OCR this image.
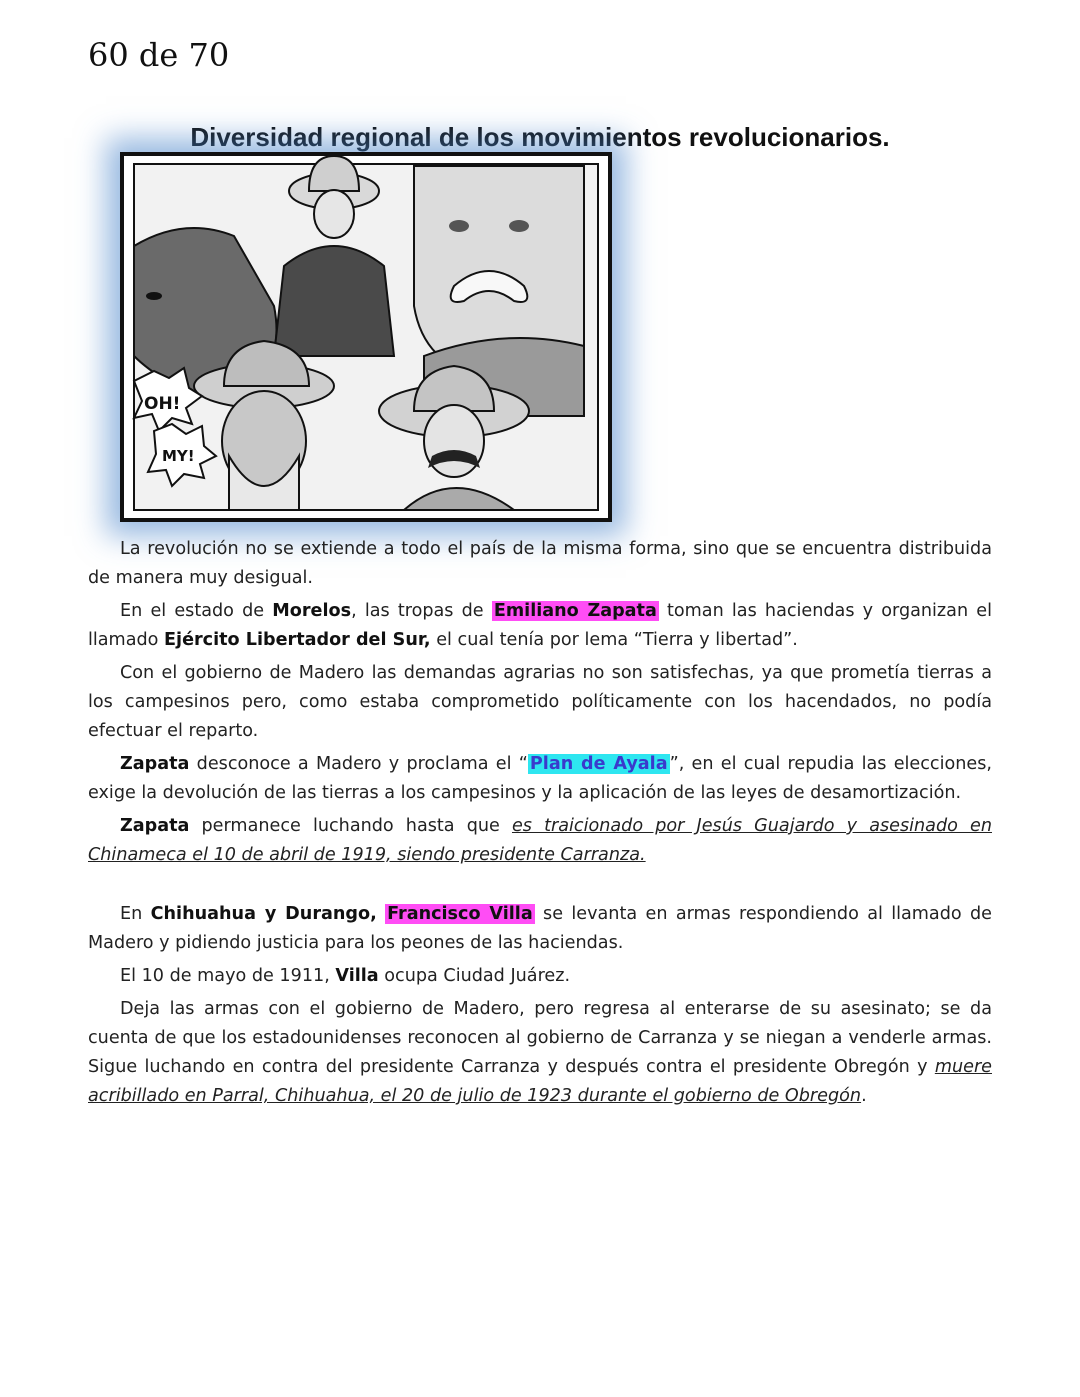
60 de 70
Diversidad regional de los movimientos revolucionarios.
OH!
MY!

La revolución no se extiende a todo el país de la misma forma, sino que se encuentra distribuida de manera muy desigual.

En el estado de Morelos, las tropas de Emiliano Zapata toman las haciendas y organizan el llamado Ejército Libertador del Sur, el cual tenía por lema “Tierra y libertad”.

Con el gobierno de Madero las demandas agrarias no son satisfechas, ya que prometía tierras a los campesinos pero, como estaba comprometido políticamente con los hacendados, no podía efectuar el reparto.

Zapata desconoce a Madero y proclama el “ Plan de Ayala ”, en el cual repudia las elecciones, exige la devolución de las tierras a los campesinos y la aplicación de las leyes de desamortización.

Zapata permanece luchando hasta que es traicionado por Jesús Guajardo y asesinado en Chinameca el 10 de abril de 1919, siendo presidente Carranza.

En Chihuahua y Durango, Francisco Villa se levanta en armas respondiendo al llamado de Madero y pidiendo justicia para los peones de las haciendas.

El 10 de mayo de 1911, Villa ocupa Ciudad Juárez.

Deja las armas con el gobierno de Madero, pero regresa al enterarse de su asesinato; se da cuenta de que los estadounidenses reconocen al gobierno de Carranza y se niegan a venderle armas. Sigue luchando en contra del presidente Carranza y después contra el presidente Obregón y muere acribillado en Parral, Chihuahua, el 20 de julio de 1923 durante el gobierno de Obregón.
